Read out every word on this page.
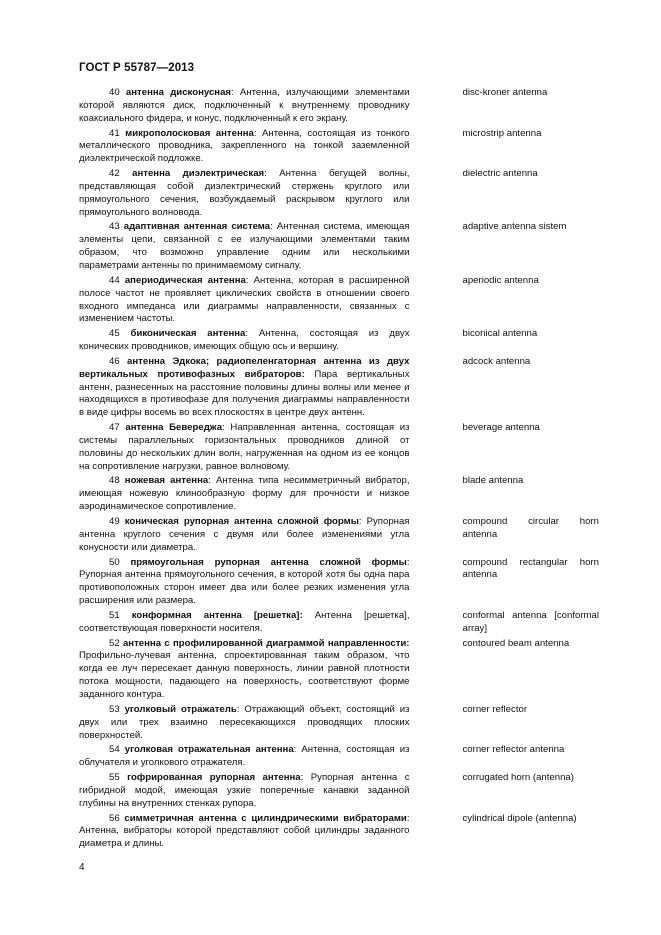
ГОСТ Р 55787—2013
40 антенна дисконусная: Антенна, излучающими элементами которой являются диск, подключенный к внутреннему проводнику коаксиального фидера, и конус, подключенный к его экрану.
disc-kroner antenna
41 микрополосковая антенна: Антенна, состоящая из тонкого металлического проводника, закрепленного на тонкой заземленной диэлектрической подложке.
microstrip antenna
42 антенна диэлектрическая: Антенна бегущей волны, представляющая собой диэлектрический стержень круглого или прямоугольного сечения, возбуждаемый раскрывом круглого или прямоугольного волновода.
dielectric antenna
43 адаптивная антенная система: Антенная система, имеющая элементы цепи, связанной с ее излучающими элементами таким образом, что возможно управление одним или несколькими параметрами антенны по принимаемому сигналу.
adaptive antenna sistem
44 апериодическая антенна: Антенна, которая в расширенной полосе частот не проявляет циклических свойств в отношении своего входного импеданса или диаграммы направленности, связанных с изменением частоты.
aperiodic antenna
45 биконическая антенна: Антенна, состоящая из двух конических проводников, имеющих общую ось и вершину.
biconical antenna
46 антенна Эдкока; радиопеленгаторная антенна из двух вертикальных противофазных вибраторов: Пара вертикальных антенн, разнесенных на расстояние половины длины волны или менее и находящихся в противофазе для получения диаграммы направленности в виде цифры восемь во всех плоскостях в центре двух антенн.
adcock antenna
47 антенна Бевереджа: Направленная антенна, состоящая из системы параллельных горизонтальных проводников длиной от половины до нескольких длин волн, нагруженная на одном из ее концов на сопротивление нагрузки, равное волновому.
beverage antenna
48 ножевая антенна: Антенна типа несимметричный вибратор, имеющая ножевую клинообразную форму для прочности и низкое аэродинамическое сопротивление.
blade antenna
49 коническая рупорная антенна сложной формы: Рупорная антенна круглого сечения с двумя или более изменениями угла конусности или диаметра.
compound circular horn antenna
50 прямоугольная рупорная антенна сложной формы: Рупорная антенна прямоугольного сечения, в которой хотя бы одна пара противоположных сторон имеет два или более резких изменения угла расширения или размера.
compound rectangular horn antenna
51 конформная антенна [решетка]: Антенна [решетка], соответствующая поверхности носителя.
conformal antenna [conformal array]
52 антенна с профилированной диаграммой направленности: Профильно-лучевая антенна, спроектированная таким образом, что когда ее луч пересекает данную поверхность, линии равной плотности потока мощности, падающего на поверхность, соответствуют форме заданного контура.
contoured beam antenna
53 уголковый отражатель: Отражающий объект, состоящий из двух или трех взаимно пересекающихся проводящих плоских поверхностей.
corner reflector
54 уголковая отражательная антенна: Антенна, состоящая из облучателя и уголкового отражателя.
corner reflector antenna
55 гофрированная рупорная антенна: Рупорная антенна с гибридной модой, имеющая узкие поперечные канавки заданной глубины на внутренних стенках рупора.
corrugated horn (antenna)
56 симметричная антенна с цилиндрическими вибраторами: Антенна, вибраторы которой представляют собой цилиндры заданного диаметра и длины.
cylindrical dipole (antenna)
4
